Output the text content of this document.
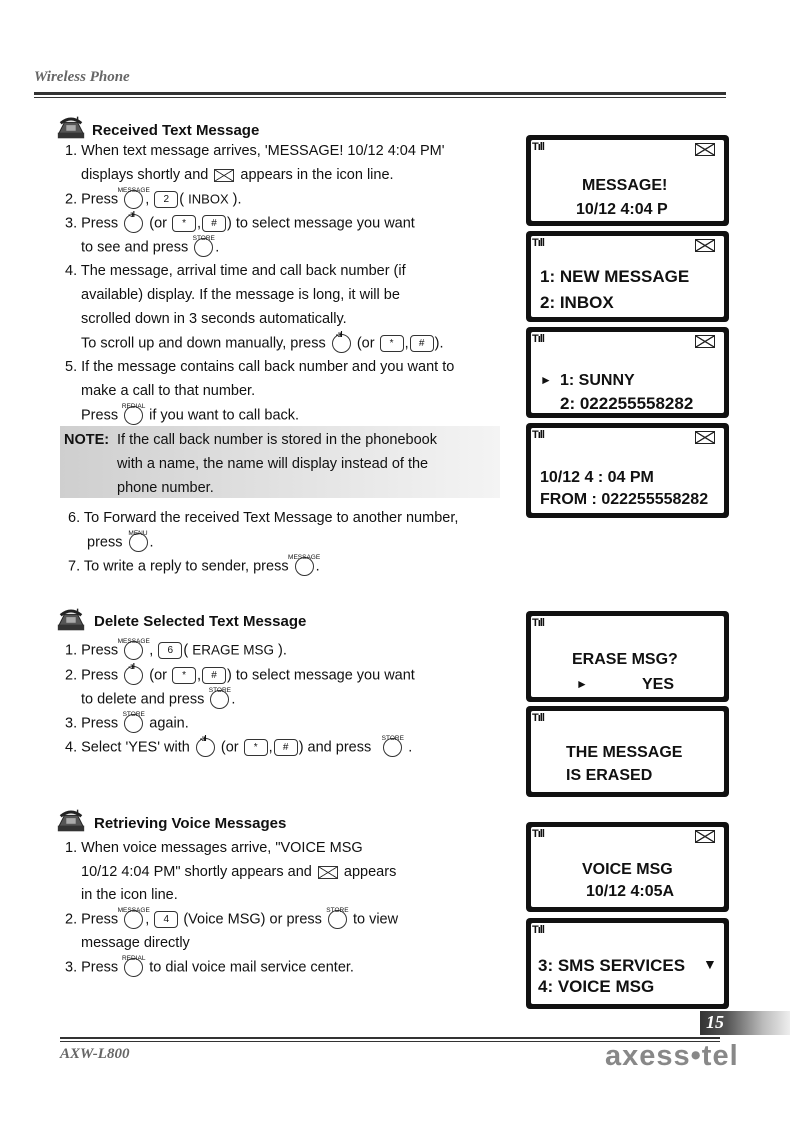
Wireless Phone
Received Text Message
1. When text message arrives, 'MESSAGE! 10/12 4:04 PM'
displays shortly and appears in the icon line.
2. Press
MESSAGE
, 2 ( INBOX ).
3. Press
-:ıl
(or * , # ) to select message you want
to see and press
STORE
.
4. The message, arrival time and call back number (if
available) display. If the message is long, it will be
scrolled down in 3 seconds automatically.
To scroll up and down manually, press
-:ıl
(or * , # ).
5. If the message contains call back number and you want to
make a call to that number.
Press
REDIAL
if you want to call back.
NOTE: If the call back number is stored in the phonebook
with a name, the name will display instead of the
phone number.
6. To Forward the received Text Message to another number,
press
MENU
.
7. To write a reply to sender, press
MESSAGE
.
Delete Selected Text Message
1. Press
MESSAGE
, 6 ( ERAGE MSG ).
2. Press
-:ıl
(or * , # ) to select message you want
to delete and press
STORE
.
3. Press
STORE
again.
4. Select 'YES' with
-:ıl
(or * , # ) and press
STORE
.
Retrieving Voice Messages
1. When voice messages arrive, "VOICE MSG
10/12 4:04 PM" shortly appears and appears
in the icon line.
2. Press
MESSAGE
, 4 (Voice MSG) or press
STORE
to view
message directly
3. Press
REDIAL
to dial voice mail service center.
Tıll
MESSAGE!
10/12 4:04 P
Tıll
1: NEW MESSAGE
2: INBOX
Tıll
► 1: SUNNY
2: 022255558282
Tıll
10/12 4 : 04 PM
FROM : 022255558282
Tıll
ERASE MSG?
►	YES
Tıll
THE MESSAGE
IS ERASED
Tıll
VOICE MSG
10/12 4:05A
Tıll
3: SMS SERVICES ▼
4: VOICE MSG
15
AXW-L800	axess•tel
